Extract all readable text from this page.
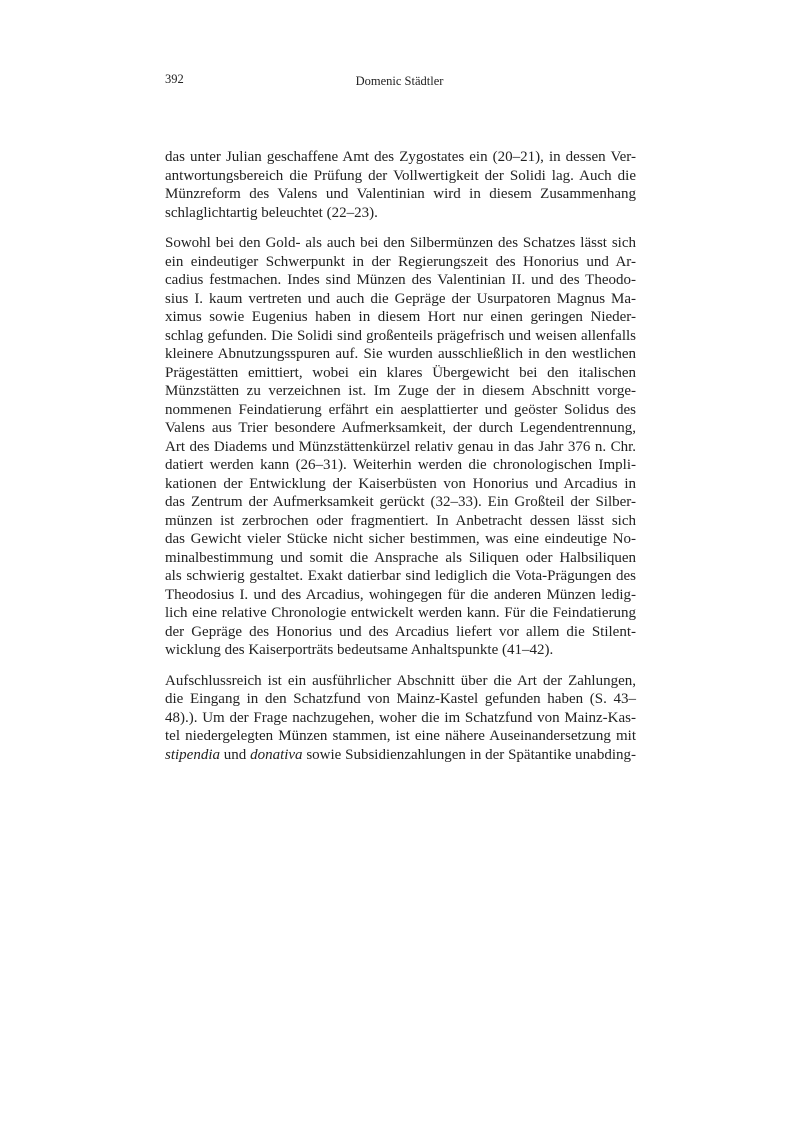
392	Domenic Städtler
das unter Julian geschaffene Amt des Zygostates ein (20–21), in dessen Ver-
antwortungsbereich die Prüfung der Vollwertigkeit der Solidi lag. Auch die
Münzreform des Valens und Valentinian wird in diesem Zusammenhang
schlaglichtartig beleuchtet (22–23).
Sowohl bei den Gold- als auch bei den Silbermünzen des Schatzes lässt sich
ein eindeutiger Schwerpunkt in der Regierungszeit des Honorius und Ar-
cadius festmachen. Indes sind Münzen des Valentinian II. und des Theodo-
sius I. kaum vertreten und auch die Gepräge der Usurpatoren Magnus Ma-
ximus sowie Eugenius haben in diesem Hort nur einen geringen Nieder-
schlag gefunden. Die Solidi sind großenteils prägefrisch und weisen allenfalls
kleinere Abnutzungsspuren auf. Sie wurden ausschließlich in den westlichen
Prägestätten emittiert, wobei ein klares Übergewicht bei den italischen
Münzstätten zu verzeichnen ist. Im Zuge der in diesem Abschnitt vorge-
nommenen Feindatierung erfährt ein aesplattierter und geöster Solidus des
Valens aus Trier besondere Aufmerksamkeit, der durch Legendentrennung,
Art des Diadems und Münzstättenkürzel relativ genau in das Jahr 376 n. Chr.
datiert werden kann (26–31). Weiterhin werden die chronologischen Impli-
kationen der Entwicklung der Kaiserbüsten von Honorius und Arcadius in
das Zentrum der Aufmerksamkeit gerückt (32–33). Ein Großteil der Silber-
münzen ist zerbrochen oder fragmentiert. In Anbetracht dessen lässt sich
das Gewicht vieler Stücke nicht sicher bestimmen, was eine eindeutige No-
minalbestimmung und somit die Ansprache als Siliquen oder Halbsiliquen
als schwierig gestaltet. Exakt datierbar sind lediglich die Vota-Prägungen des
Theodosius I. und des Arcadius, wohingegen für die anderen Münzen ledig-
lich eine relative Chronologie entwickelt werden kann. Für die Feindatierung
der Gepräge des Honorius und des Arcadius liefert vor allem die Stilent-
wicklung des Kaiserporträts bedeutsame Anhaltspunkte (41–42).
Aufschlussreich ist ein ausführlicher Abschnitt über die Art der Zahlungen,
die Eingang in den Schatzfund von Mainz-Kastel gefunden haben (S. 43–
48).). Um der Frage nachzugehen, woher die im Schatzfund von Mainz-Kas-
tel niedergelegten Münzen stammen, ist eine nähere Auseinandersetzung mit
stipendia und donativa sowie Subsidienzahlungen in der Spätantike unabding-
